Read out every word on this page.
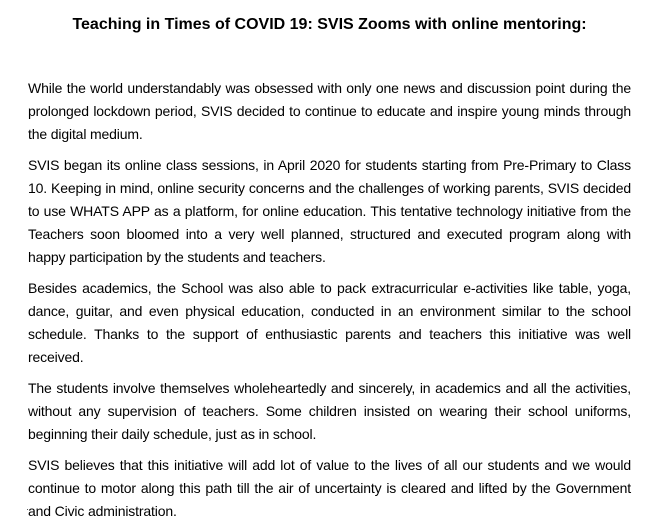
Teaching in Times of COVID 19: SVIS Zooms with online mentoring:

While the world understandably was obsessed with only one news and discussion point during the prolonged lockdown period, SVIS decided to continue to educate and inspire young minds through the digital medium.

SVIS began its online class sessions, in April 2020 for students starting from Pre-Primary to Class 10. Keeping in mind, online security concerns and the challenges of working parents, SVIS decided to use WHATS APP as a platform, for online education. This tentative technology initiative from the Teachers soon bloomed into a very well planned, structured and executed program along with happy participation by the students and teachers.

Besides academics, the School was also able to pack extracurricular e-activities like table, yoga, dance, guitar, and even physical education, conducted in an environment similar to the school schedule. Thanks to the support of enthusiastic parents and teachers this initiative was well received.

The students involve themselves wholeheartedly and sincerely, in academics and all the activities, without any supervision of teachers. Some children insisted on wearing their school uniforms, beginning their daily schedule, just as in school.

SVIS believes that this initiative will add lot of value to the lives of all our students and we would continue to motor along this path till the air of uncertainty is cleared and lifted by the Government and Civic administration.
